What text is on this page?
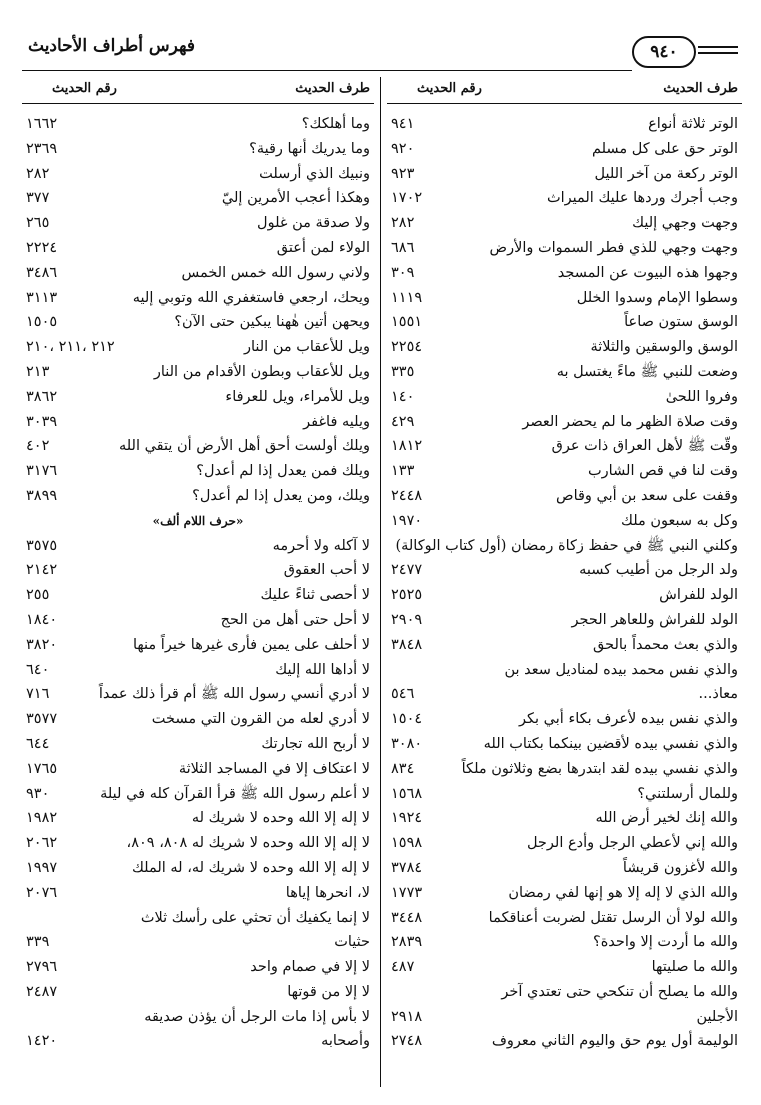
فهرس أطراف الأحاديث	٩٤٠
طرف الحديث
رقم الحديث
الوتر ثلاثة أنواع
٩٤١
الوتر حق على كل مسلم
٩٢٠
الوتر ركعة من آخر الليل
٩٢٣
وجب أجرك وردها عليك الميراث
١٧٠٢
وجهت وجهي إليك
٢٨٢
وجهت وجهي للذي فطر السموات والأرض
٦٨٦
وجهوا هذه البيوت عن المسجد
٣٠٩
وسطوا الإمام وسدوا الخلل
١١١٩
الوسق ستون صاعاً
١٥٥١
الوسق والوسقين والثلاثة
٢٢٥٤
وضعت للنبي ﷺ ماءً يغتسل به
٣٣٥
وفروا اللحىٰ
١٤٠
وقت صلاة الظهر ما لم يحضر العصر
٤٢٩
وقّت ﷺ لأهل العراق ذات عرق
١٨١٢
وقت لنا في قص الشارب
١٣٣
وقفت على سعد بن أبي وقاص
٢٤٤٨
وكل به سبعون ملك
١٩٧٠
وكلني النبي ﷺ في حفظ زكاة رمضان (أول كتاب الوكالة)
ولد الرجل من أطيب كسبه
٢٤٧٧
الولد للفراش
٢٥٢٥
الولد للفراش وللعاهر الحجر
٢٩٠٩
والذي بعث محمداً بالحق
٣٨٤٨
والذي نفس محمد بيده لمناديل سعد بن
معاذ...
٥٤٦
والذي نفس بيده لأعرف بكاء أبي بكر
١٥٠٤
والذي نفسي بيده لأقضين بينكما بكتاب الله
٣٠٨٠
والذي نفسي بيده لقد ابتدرها بضع وثلاثون ملكاً
٨٣٤
وللمال أرسلتني؟
١٥٦٨
والله إنك لخير أرض الله
١٩٢٤
والله إني لأعطي الرجل وأدع الرجل
١٥٩٨
والله لأغزون قريشاً
٣٧٨٤
والله الذي لا إله إلا هو إنها لفي رمضان
١٧٧٣
والله لولا أن الرسل تقتل لضربت أعناقكما
٣٤٤٨
والله ما أردت إلا واحدة؟
٢٨٣٩
والله ما صليتها
٤٨٧
والله ما يصلح أن تنكحي حتى تعتدي آخر
الأجلين
٢٩١٨
الوليمة أول يوم حق واليوم الثاني معروف
٢٧٤٨
طرف الحديث
رقم الحديث
وما أهلكك؟
١٦٦٢
وما يدريك أنها رقية؟
٢٣٦٩
ونبيك الذي أرسلت
٢٨٢
وهكذا أعجب الأمرين إليّ
٣٧٧
ولا صدقة من غلول
٢٦٥
الولاء لمن أعتق
٢٢٢٤
ولاني رسول الله خمس الخمس
٣٤٨٦
ويحك، ارجعي فاستغفري الله وتوبي إليه
٣١١٣
ويحهن أتين هٰهنا يبكين حتى الآن؟
١٥٠٥
ويل للأعقاب من النار
٢١٢ ،٢١١ ،٢١٠
ويل للأعقاب وبطون الأقدام من النار
٢١٣
ويل للأمراء، ويل للعرفاء
٣٨٦٢
ويليه فاغفر
٣٠٣٩
ويلك أولست أحق أهل الأرض أن يتقي الله
٤٠٢
ويلك فمن يعدل إذا لم أعدل؟
٣١٧٦
ويلك، ومن يعدل إذا لم أعدل؟
٣٨٩٩
«حرف اللام ألف»
لا آكله ولا أحرمه
٣٥٧٥
لا أحب العقوق
٢١٤٢
لا أحصى ثناءً عليك
٢٥٥
لا أحل حتى أهل من الحج
١٨٤٠
لا أحلف على يمين فأرى غيرها خيراً منها
٣٨٢٠
لا أداها الله إليك
٦٤٠
لا أدري أنسي رسول الله ﷺ أم قرأ ذلك عمداً
٧١٦
لا أدري لعله من القرون التي مسخت
٣٥٧٧
لا أربح الله تجارتك
٦٤٤
لا اعتكاف إلا في المساجد الثلاثة
١٧٦٥
لا أعلم رسول الله ﷺ قرأ القرآن كله في ليلة
٩٣٠
لا إله إلا الله وحده لا شريك له
١٩٨٢
لا إله إلا الله وحده لا شريك له ٨٠٨، ٨٠٩،
٢٠٦٢
لا إله إلا الله وحده لا شريك له، له الملك
١٩٩٧
لا، انحرها إياها
٢٠٧٦
لا إنما يكفيك أن تحثي على رأسك ثلاث
حثيات
٣٣٩
لا إلا في صمام واحد
٢٧٩٦
لا إلا من قوتها
٢٤٨٧
لا بأس إذا مات الرجل أن يؤذن صديقه
وأصحابه
١٤٢٠
